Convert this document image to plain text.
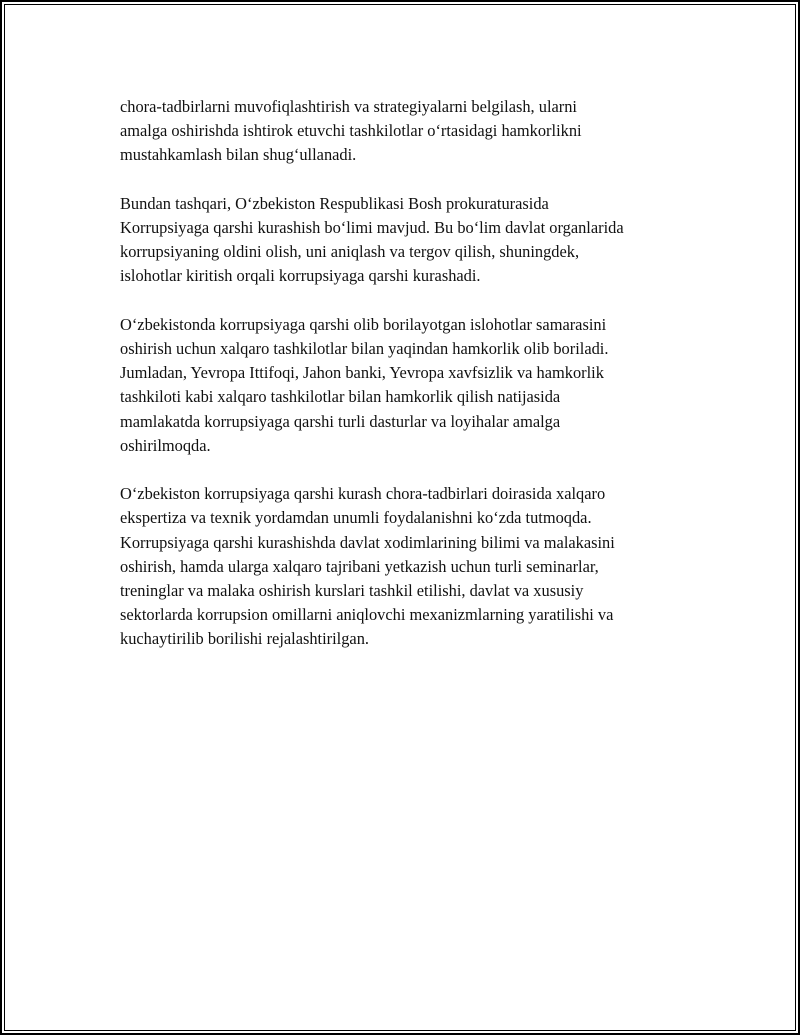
chora-tadbirlarni muvofiqlashtirish va strategiyalarni belgilash, ularni
amalga oshirishda ishtirok etuvchi tashkilotlar o‘rtasidagi hamkorlikni
mustahkamlash bilan shug‘ullanadi.

Bundan tashqari, O‘zbekiston Respublikasi Bosh prokuraturasida
Korrupsiyaga qarshi kurashish bo‘limi mavjud. Bu bo‘lim davlat organlarida
korrupsiyaning oldini olish, uni aniqlash va tergov qilish, shuningdek,
islohotlar kiritish orqali korrupsiyaga qarshi kurashadi.

O‘zbekistonda korrupsiyaga qarshi olib borilayotgan islohotlar samarasini
oshirish uchun xalqaro tashkilotlar bilan yaqindan hamkorlik olib boriladi.
Jumladan, Yevropa Ittifoqi, Jahon banki, Yevropa xavfsizlik va hamkorlik
tashkiloti kabi xalqaro tashkilotlar bilan hamkorlik qilish natijasida
mamlakatda korrupsiyaga qarshi turli dasturlar va loyihalar amalga
oshirilmoqda.

O‘zbekiston korrupsiyaga qarshi kurash chora-tadbirlari doirasida xalqaro
ekspertiza va texnik yordamdan unumli foydalanishni ko‘zda tutmoqda.
Korrupsiyaga qarshi kurashishda davlat xodimlarining bilimi va malakasini
oshirish, hamda ularga xalqaro tajribani yetkazish uchun turli seminarlar,
treninglar va malaka oshirish kurslari tashkil etilishi, davlat va xususiy
sektorlarda korrupsion omillarni aniqlovchi mexanizmlarning yaratilishi va
kuchaytirilib borilishi rejalashtirilgan.
